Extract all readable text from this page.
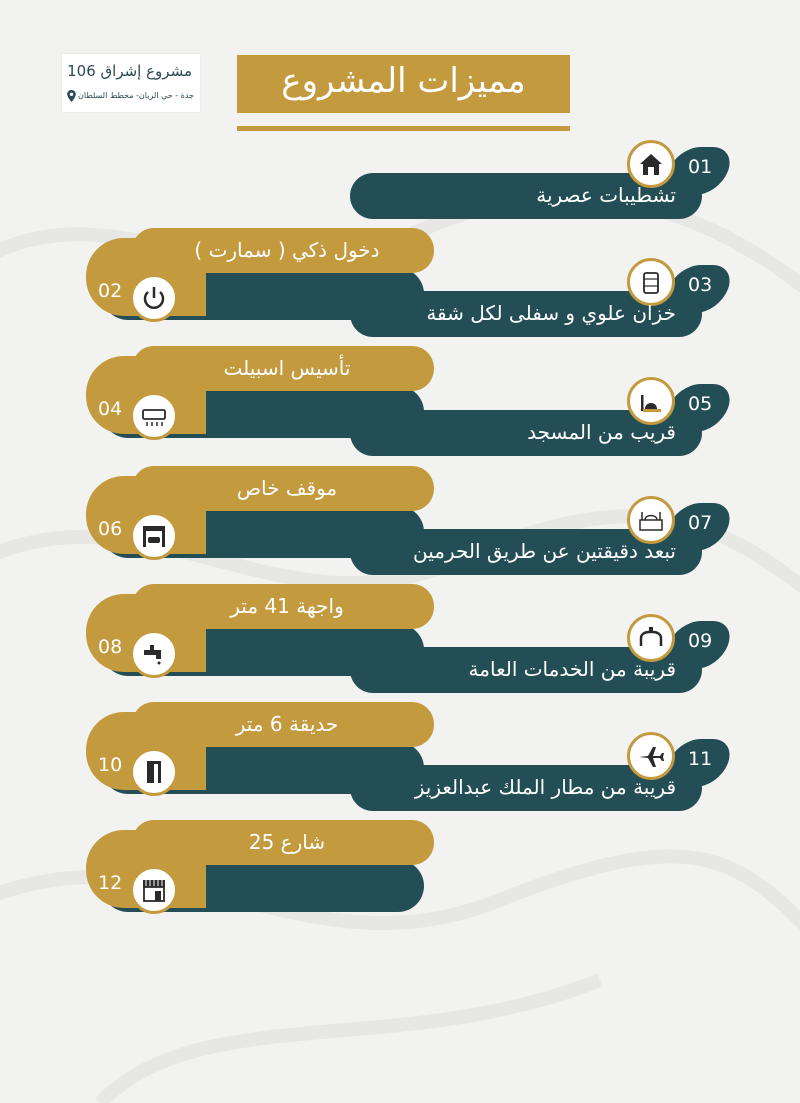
مشروع إشراق 106
جدة - حي الريان- مخطط السلطان	مميزات المشروع
01
تشطيبات عصرية
دخول ذكي ( سمارت )
02	03
خزان علوي و سفلى لكل شقة
تأسيس اسبيلت
04	05
قريب من المسجد
موقف خاص
06	07
تبعد دقيقتين عن طريق الحرمين
واجهة 41 متر
08	09
قريبة من الخدمات العامة
حديقة 6 متر
10	11
قريبة من مطار الملك عبدالعزيز
شارع 25
12
